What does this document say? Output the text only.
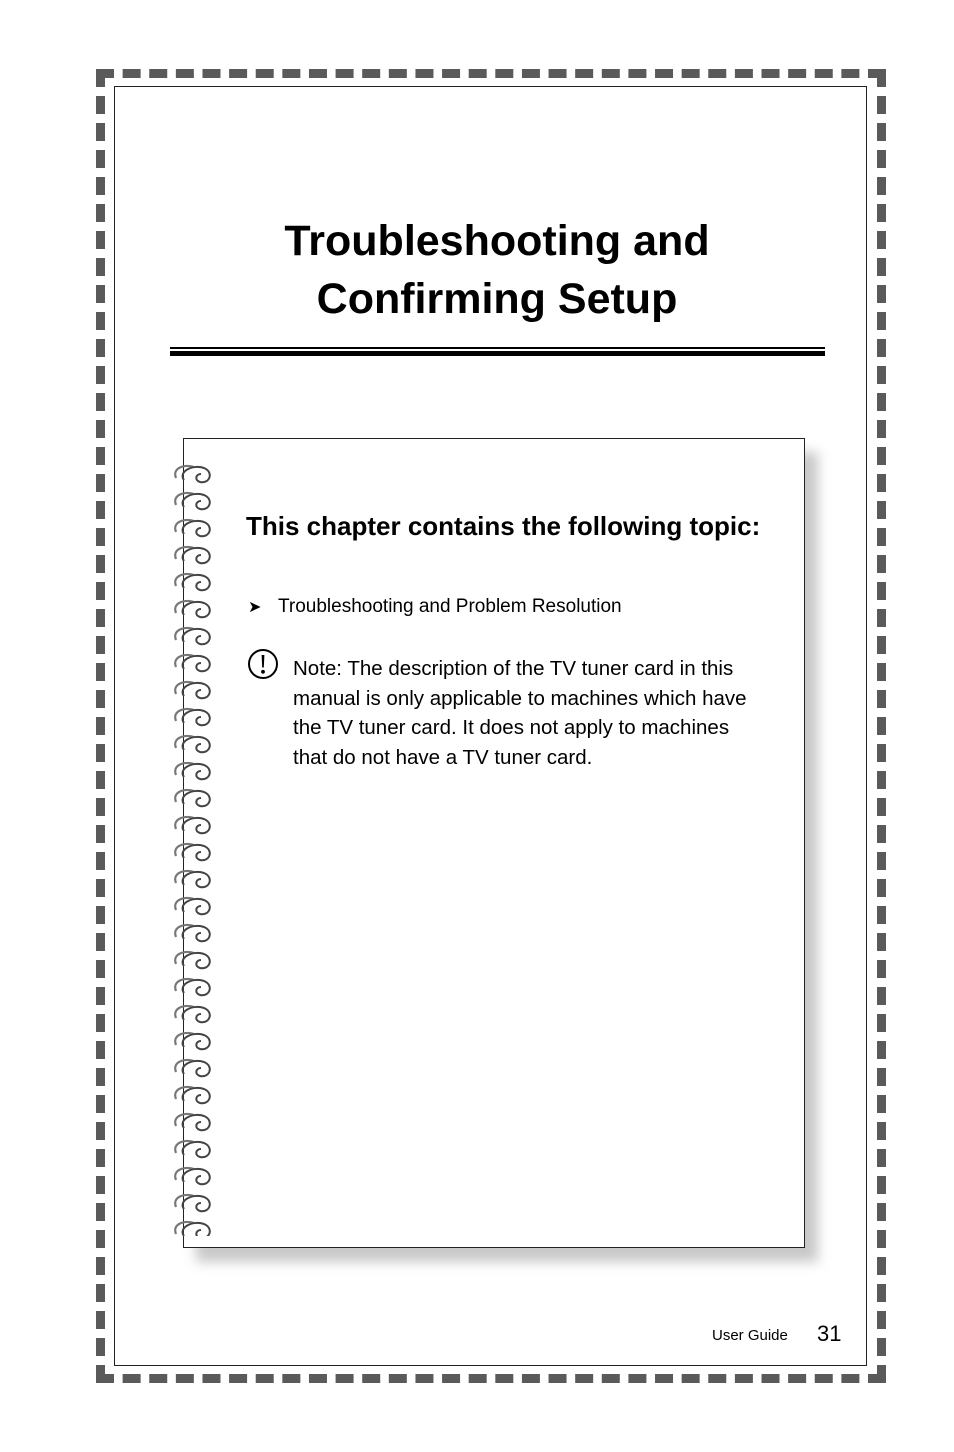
Troubleshooting and
Confirming Setup
This chapter contains the following topic:
➤ Troubleshooting and Problem Resolution
Note: The description of the TV tuner card in this manual is only applicable to machines which have the TV tuner card. It does not apply to machines that do not have a TV tuner card.
User Guide 31
